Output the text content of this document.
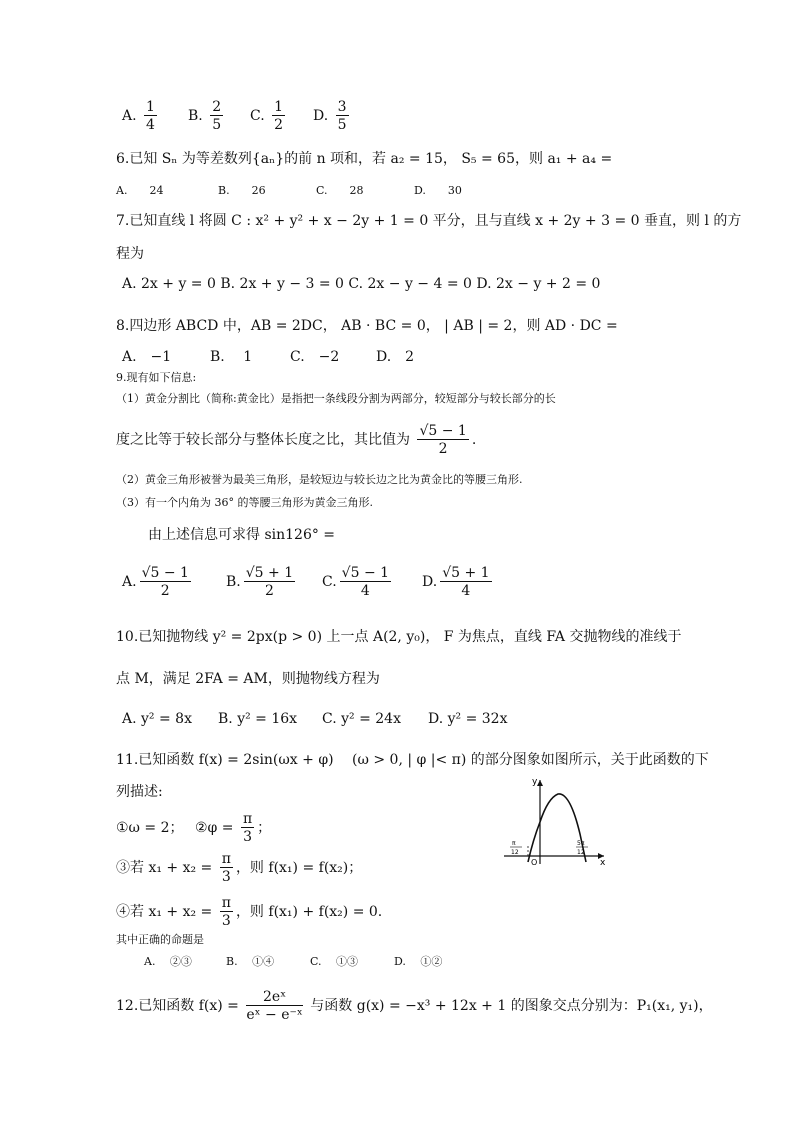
A. $\frac{1}{4} B$. $\frac{2}{5} C$. $\frac{1}{2} D$. $\frac{3}{5}$
6.已知 Sₙ 为等差数列{aₙ}的前 n 项和，若 a₂ = 15， S₅ = 65，则 a₁ + a₄ =
A.　　24	B.　　26	C.　　28	D.　　30
7.已知直线 l 将圆 C : x² + y² + x − 2y + 1 = 0 平分，且与直线 x + 2y + 3 = 0 垂直，则 l 的方
程为
A. 2x + y = 0 B. 2x + y − 3 = 0 C. 2x − y − 4 = 0 D. 2x − y + 2 = 0
8.四边形 ABCD 中，AB = 2DC， AB · BC = 0， | AB | = 2，则 AD · DC =
A.　−1	B.　 1	C.　−2	D.　2
9.现有如下信息:
（1）黄金分割比（简称:黄金比）是指把一条线段分割为两部分，较短部分与较长部分的长
度之比等于较长部分与整体长度之比，其比值为 $\frac{√5 - 1}{2}$ .
（2）黄金三角形被誉为最美三角形，是较短边与较长边之比为黄金比的等腰三角形.
（3）有一个内角为 36° 的等腰三角形为黄金三角形.
由上述信息可求得 sin126° =
A. $\frac{√5 - 1}{2}$	B. $\frac{√5 + 1}{2} C$. $\frac{√5 - 1}{4} D$. $\frac{√5 + 1}{4}$
10.已知抛物线 y² = 2px(p > 0) 上一点 A(2, y₀)， F 为焦点，直线 FA 交抛物线的准线于
点 M，满足 2FA = AM，则抛物线方程为
A. y² = 8x B. y² = 16x C. y² = 24x D. y² = 32x
11.已知函数 f(x) = 2sin(ωx + φ)　 (ω > 0, | φ |< π) 的部分图象如图所示，关于此函数的下
列描述:
①ω = 2；　 ②φ = $\frac{\pi}{3}$ ；
③若 $x_1 + x_2 = \frac{\pi}{3}$ ，则 f(x₁) = f(x₂)；
④若 $x_1 + x_2 = \frac{\pi}{3}$ ，则 f(x₁) + f(x₂) = 0.
其中正确的命题是
A.　 ②③	B.　 ①④	C.　 ①③	D.　 ①②
y
x
O
π
12
5π
12
12.已知函数 $f(x) = \frac{\text{2eˣ}}{\text{eˣ − e⁻ˣ}}$ 与函数 g(x) = −x³ + 12x + 1 的图象交点分别为：P₁(x₁, y₁)，
